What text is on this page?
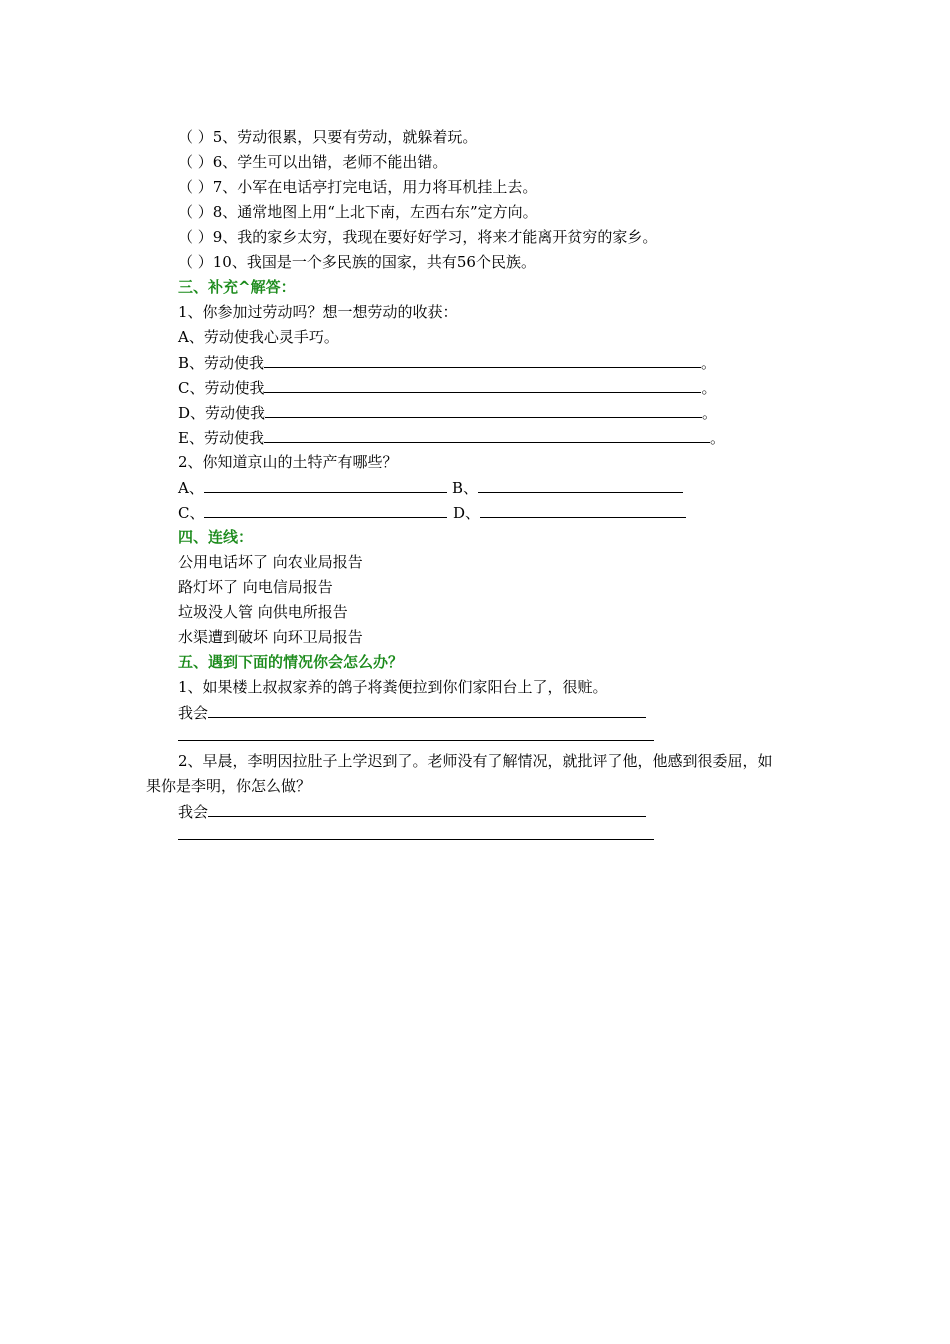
（ ）5、劳动很累，只要有劳动，就躲着玩。
（ ）6、学生可以出错，老师不能出错。
（ ）7、小军在电话亭打完电话，用力将耳机挂上去。
（ ）8、通常地图上用“上北下南，左西右东”定方向。
（ ）9、我的家乡太穷，我现在要好好学习，将来才能离开贫穷的家乡。
（ ）10、我国是一个多民族的国家，共有56个民族。
三、补充^解答：
1、你参加过劳动吗？想一想劳动的收获：
A、劳动使我心灵手巧。
B、劳动使我	。
C、劳动使我	。
D、劳动使我	。
E、劳动使我	。
2、你知道京山的土特产有哪些？
A、	B、
C、	D、
四、连线：
公用电话坏了 向农业局报告
路灯坏了 向电信局报告
垃圾没人管 向供电所报告
水渠遭到破坏 向环卫局报告
五、遇到下面的情况你会怎么办？
1、如果楼上叔叔家养的鸽子将粪便拉到你们家阳台上了，很赃。
我会
2、早晨，李明因拉肚子上学迟到了。老师没有了解情况，就批评了他，他感到很委屈，如
果你是李明，你怎么做？
我会
